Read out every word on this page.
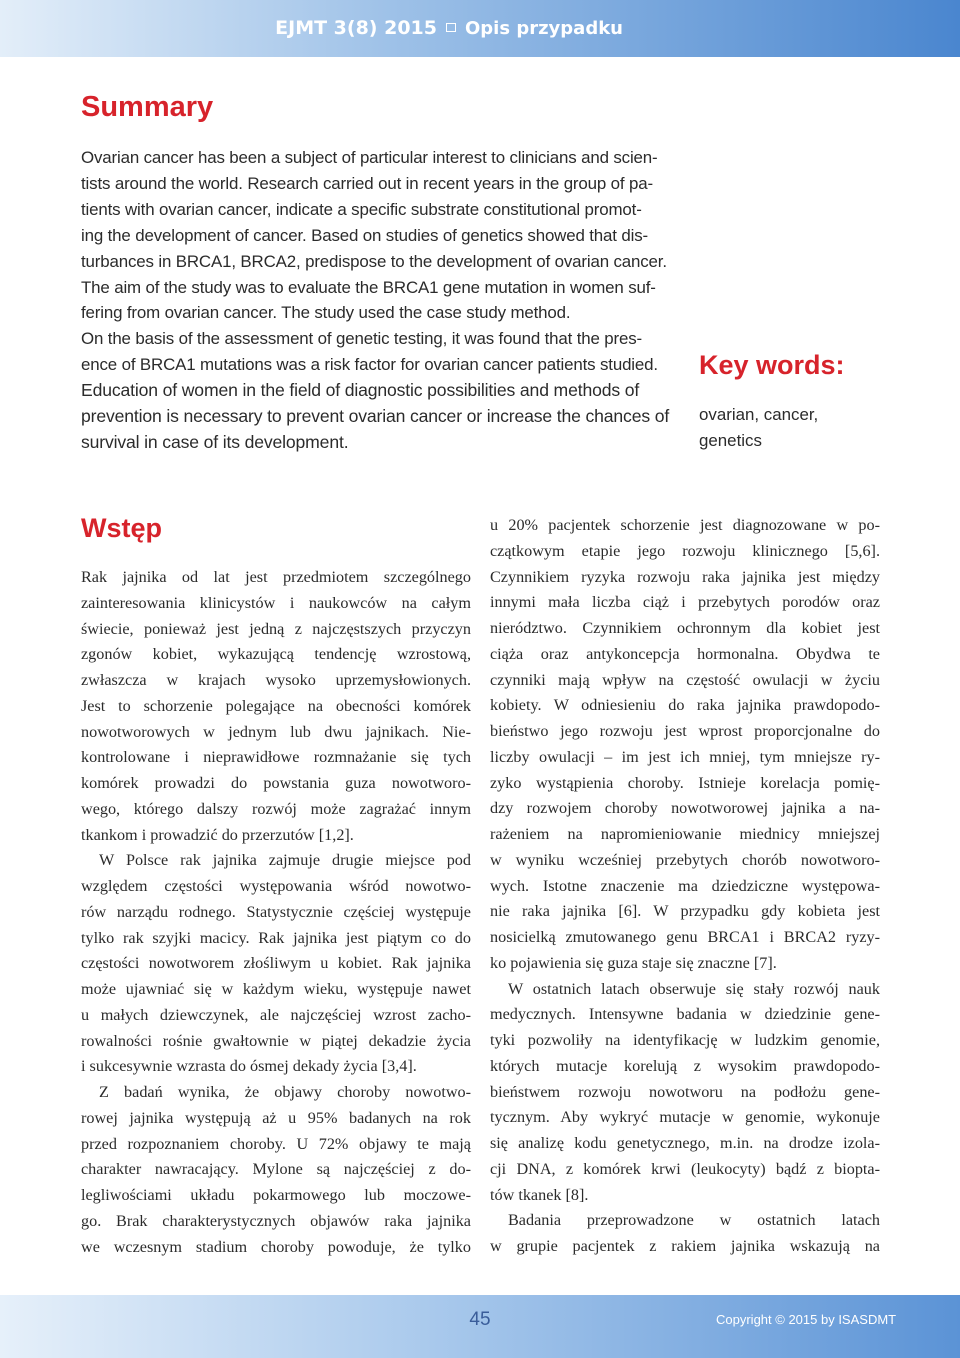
EJMT 3(8) 2015 Opis przypadku
Summary
Ovarian cancer has been a subject of particular interest to clinicians and scien-
tists around the world. Research carried out in recent years in the group of pa-
tients with ovarian cancer, indicate a specific substrate constitutional promot-
ing the development of cancer. Based on studies of genetics showed that dis-
turbances in BRCA1, BRCA2, predispose to the development of ovarian cancer.
The aim of the study was to evaluate the BRCA1 gene mutation in women suf-
fering from ovarian cancer. The study used the case study method.
On the basis of the assessment of genetic testing, it was found that the pres-
ence of BRCA1 mutations was a risk factor for ovarian cancer patients studied.
Education of women in the field of diagnostic possibilities and methods of
prevention is necessary to prevent ovarian cancer or increase the chances of
survival in case of its development.
Key words:
ovarian, cancer,
genetics
Wstęp
Rak jajnika od lat jest przedmiotem szczególnego
zainteresowania klinicystów i naukowców na całym
świecie, ponieważ jest jedną z najczęstszych przyczyn
zgonów kobiet, wykazującą tendencję wzrostową,
zwłaszcza w krajach wysoko uprzemysłowionych.
Jest to schorzenie polegające na obecności komórek
nowotworowych w jednym lub dwu jajnikach. Nie-
kontrolowane i nieprawidłowe rozmnażanie się tych
komórek prowadzi do powstania guza nowotworo-
wego, którego dalszy rozwój może zagrażać innym
tkankom i prowadzić do przerzutów [1,2].
W Polsce rak jajnika zajmuje drugie miejsce pod
względem częstości występowania wśród nowotwo-
rów narządu rodnego. Statystycznie częściej występuje
tylko rak szyjki macicy. Rak jajnika jest piątym co do
częstości nowotworem złośliwym u kobiet. Rak jajnika
może ujawniać się w każdym wieku, występuje nawet
u małych dziewczynek, ale najczęściej wzrost zacho-
rowalności rośnie gwałtownie w piątej dekadzie życia
i sukcesywnie wzrasta do ósmej dekady życia [3,4].
Z badań wynika, że objawy choroby nowotwo-
rowej jajnika występują aż u 95% badanych na rok
przed rozpoznaniem choroby. U 72% objawy te mają
charakter nawracający. Mylone są najczęściej z do-
legliwościami układu pokarmowego lub moczowe-
go. Brak charakterystycznych objawów raka jajnika
we wczesnym stadium choroby powoduje, że tylko
u 20% pacjentek schorzenie jest diagnozowane w po-
czątkowym etapie jego rozwoju klinicznego [5,6].
Czynnikiem ryzyka rozwoju raka jajnika jest między
innymi mała liczba ciąż i przebytych porodów oraz
nierództwo. Czynnikiem ochronnym dla kobiet jest
ciąża oraz antykoncepcja hormonalna. Obydwa te
czynniki mają wpływ na częstość owulacji w życiu
kobiety. W odniesieniu do raka jajnika prawdopodo-
bieństwo jego rozwoju jest wprost proporcjonalne do
liczby owulacji – im jest ich mniej, tym mniejsze ry-
zyko wystąpienia choroby. Istnieje korelacja pomię-
dzy rozwojem choroby nowotworowej jajnika a na-
rażeniem na napromieniowanie miednicy mniejszej
w wyniku wcześniej przebytych chorób nowotworo-
wych. Istotne znaczenie ma dziedziczne występowa-
nie raka jajnika [6]. W przypadku gdy kobieta jest
nosicielką zmutowanego genu BRCA1 i BRCA2 ryzy-
ko pojawienia się guza staje się znaczne [7].
W ostatnich latach obserwuje się stały rozwój nauk
medycznych. Intensywne badania w dziedzinie gene-
tyki pozwoliły na identyfikację w ludzkim genomie,
których mutacje korelują z wysokim prawdopodo-
bieństwem rozwoju nowotworu na podłożu gene-
tycznym. Aby wykryć mutacje w genomie, wykonuje
się analizę kodu genetycznego, m.in. na drodze izola-
cji DNA, z komórek krwi (leukocyty) bądź z biopta-
tów tkanek [8].
Badania przeprowadzone w ostatnich latach
w grupie pacjentek z rakiem jajnika wskazują na
45	Copyright © 2015 by ISASDMT
